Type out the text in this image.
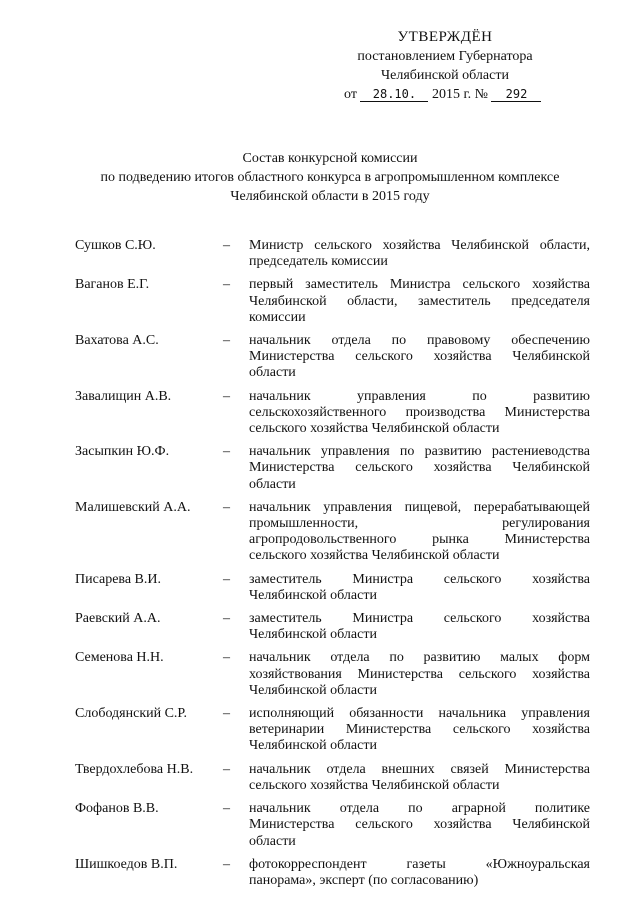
УТВЕРЖДЁН
постановлением Губернатора
Челябинской области
от 28.10. 2015 г. № 292
Состав конкурсной комиссии
по подведению итогов областного конкурса в агропромышленном комплексе
Челябинской области в 2015 году
Сушков С.Ю.	–	Министр сельского хозяйства Челябинской области,
председатель комиссии
Ваганов Е.Г.	–	первый заместитель Министра сельского хозяйства
Челябинской области, заместитель председателя
комиссии
Вахатова А.С.	–	начальник отдела по правовому обеспечению
Министерства сельского хозяйства Челябинской
области
Завалищин А.В.	–	начальник управления по развитию
сельскохозяйственного производства Министерства
сельского хозяйства Челябинской области
Засыпкин Ю.Ф.	–	начальник управления по развитию растениеводства
Министерства сельского хозяйства Челябинской
области
Малишевский А.А.	–	начальник управления пищевой, перерабатывающей
промышленности, регулирования
агропродовольственного рынка Министерства
сельского хозяйства Челябинской области
Писарева В.И.	–	заместитель Министра сельского хозяйства
Челябинской области
Раевский А.А.	–	заместитель Министра сельского хозяйства
Челябинской области
Семенова Н.Н.	–	начальник отдела по развитию малых форм
хозяйствования Министерства сельского хозяйства
Челябинской области
Слободянский С.Р.	–	исполняющий обязанности начальника управления
ветеринарии Министерства сельского хозяйства
Челябинской области
Твердохлебова Н.В.	–	начальник отдела внешних связей Министерства
сельского хозяйства Челябинской области
Фофанов В.В.	–	начальник отдела по аграрной политике
Министерства сельского хозяйства Челябинской
области
Шишкоедов В.П.	–	фотокорреспондент газеты «Южноуральская
панорама», эксперт (по согласованию)
